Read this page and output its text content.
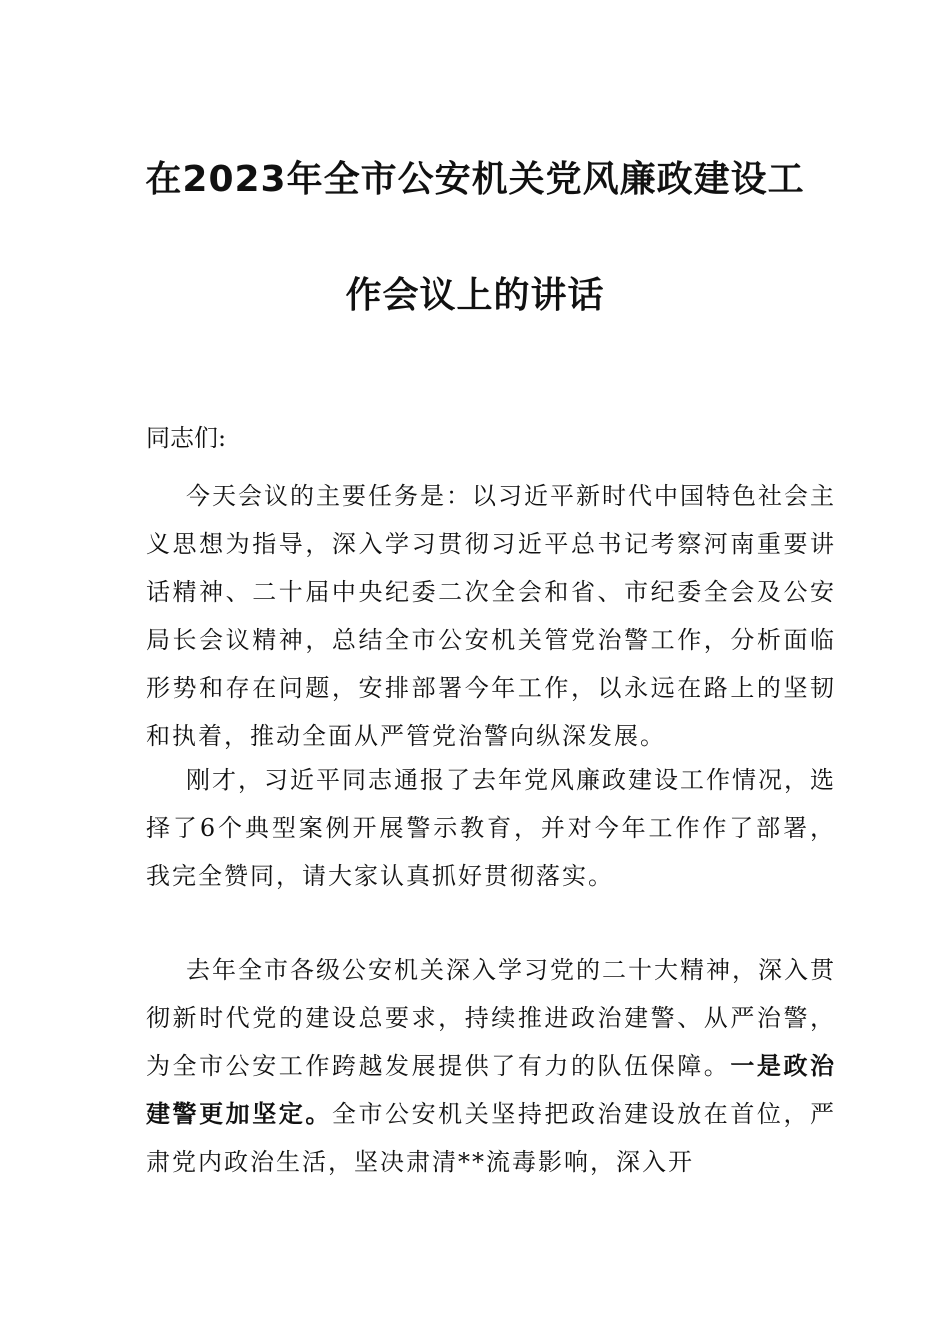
在2023年全市公安机关党风廉政建设工
作会议上的讲话
同志们:

今天会议的主要任务是：以习近平新时代中国特色社会主义思想为指导，深入学习贯彻习近平总书记考察河南重要讲话精神、二十届中央纪委二次全会和省、市纪委全会及公安局长会议精神，总结全市公安机关管党治警工作，分析面临形势和存在问题，安排部署今年工作，以永远在路上的坚韧和执着，推动全面从严管党治警向纵深发展。

刚才，习近平同志通报了去年党风廉政建设工作情况，选择了6个典型案例开展警示教育，并对今年工作作了部署，我完全赞同，请大家认真抓好贯彻落实。

去年全市各级公安机关深入学习党的二十大精神，深入贯彻新时代党的建设总要求，持续推进政治建警、从严治警，为全市公安工作跨越发展提供了有力的队伍保障。一是政治建警更加坚定。全市公安机关坚持把政治建设放在首位，严肃党内政治生活，坚决肃清**流毒影响，深入开
